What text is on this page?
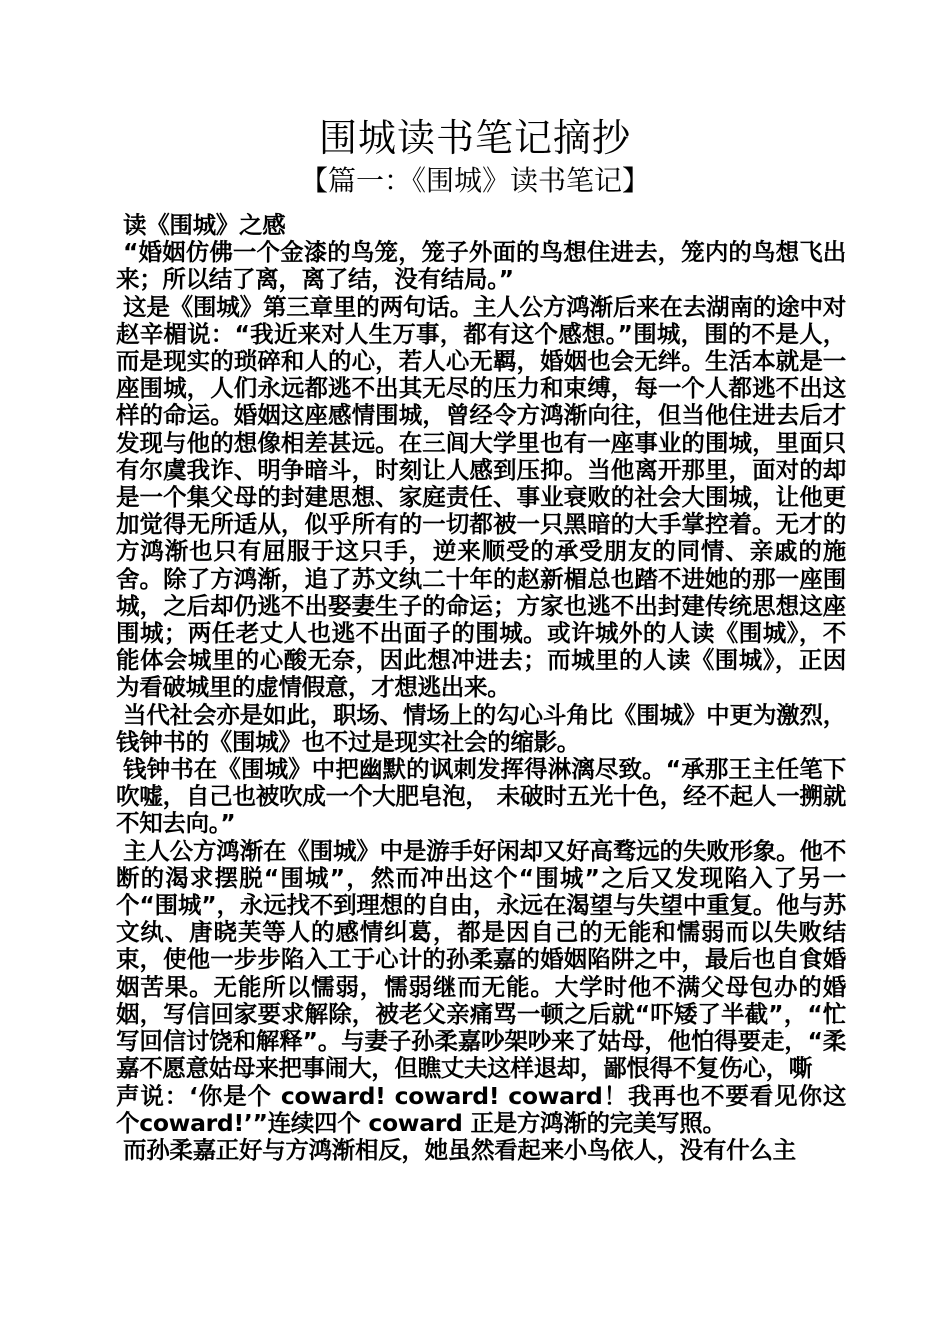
围城读书笔记摘抄
【篇一：《围城》读书笔记】

读《围城》之感

“婚姻仿佛一个金漆的鸟笼，笼子外面的鸟想住进去，笼内的鸟想飞出来；所以结了离，离了结，没有结局。”

这是《围城》第三章里的两句话。主人公方鸿渐后来在去湖南的途中对赵辛楣说：“我近来对人生万事，都有这个感想。”围城，围的不是人，而是现实的琐碎和人的心，若人心无羁，婚姻也会无绊。生活本就是一座围城，人们永远都逃不出其无尽的压力和束缚，每一个人都逃不出这样的命运。婚姻这座感情围城，曾经令方鸿渐向往，但当他住进去后才发现与他的想像相差甚远。在三闾大学里也有一座事业的围城，里面只有尔虞我诈、明争暗斗，时刻让人感到压抑。当他离开那里，面对的却是一个集父母的封建思想、家庭责任、事业衰败的社会大围城，让他更加觉得无所适从，似乎所有的一切都被一只黑暗的大手掌控着。无才的方鸿渐也只有屈服于这只手，逆来顺受的承受朋友的同情、亲戚的施舍。除了方鸿渐，追了苏文纨二十年的赵新楣总也踏不进她的那一座围城，之后却仍逃不出娶妻生子的命运；方家也逃不出封建传统思想这座围城；两任老丈人也逃不出面子的围城。或许城外的人读《围城》，不能体会城里的心酸无奈，因此想冲进去；而城里的人读《围城》，正因为看破城里的虚情假意，才想逃出来。

当代社会亦是如此，职场、情场上的勾心斗角比《围城》中更为激烈，钱钟书的《围城》也不过是现实社会的缩影。

钱钟书在《围城》中把幽默的讽刺发挥得淋漓尽致。“承那王主任笔下吹嘘，自己也被吹成一个大肥皂泡， 未破时五光十色，经不起人一搠就不知去向。”

主人公方鸿渐在《围城》中是游手好闲却又好高骛远的失败形象。他不断的渴求摆脱“围城”，然而冲出这个“围城”之后又发现陷入了另一个“围城”，永远找不到理想的自由，永远在渴望与失望中重复。他与苏文纨、唐晓芙等人的感情纠葛，都是因自己的无能和懦弱而以失败结束，使他一步步陷入工于心计的孙柔嘉的婚姻陷阱之中，最后也自食婚姻苦果。无能所以懦弱，懦弱继而无能。大学时他不满父母包办的婚姻，写信回家要求解除，被老父亲痛骂一顿之后就“吓矮了半截”，“忙写回信讨饶和解释”。与妻子孙柔嘉吵架吵来了姑母，他怕得要走，“柔嘉不愿意姑母来把事闹大，但瞧丈夫这样退却，鄙恨得不复伤心，嘶

声说：‘你是个 coward! coward! coward！我再也不要看见你这个coward!’”连续四个 coward 正是方鸿渐的完美写照。

而孙柔嘉正好与方鸿渐相反，她虽然看起来小鸟依人，没有什么主
